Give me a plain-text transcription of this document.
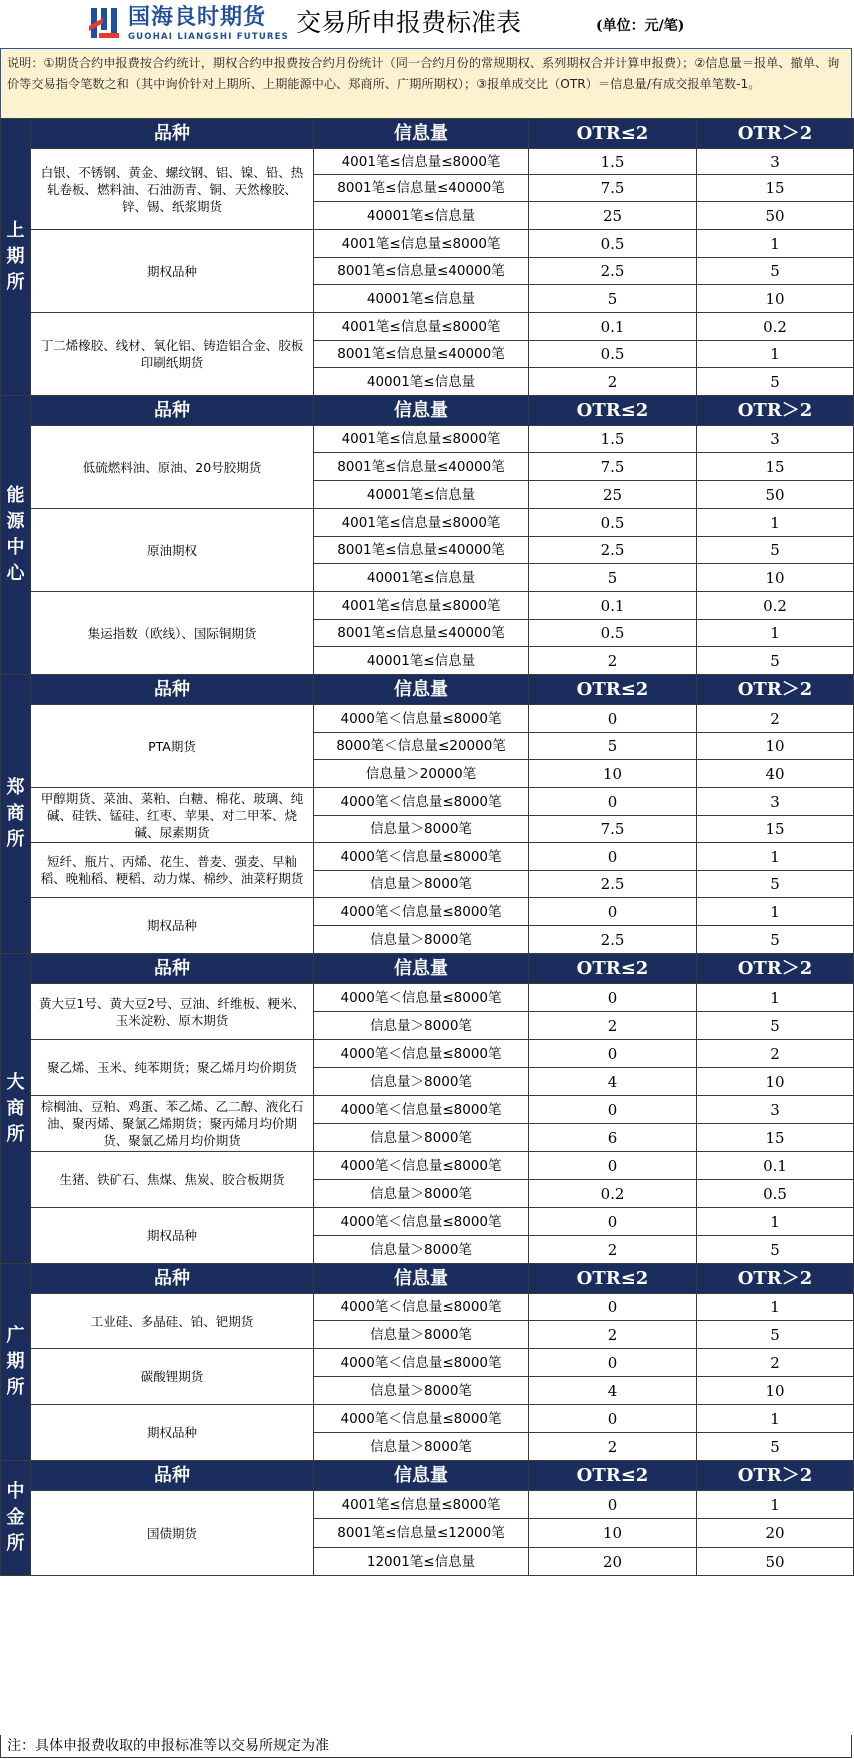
国海良时期货
GUOHAI LIANGSHI FUTURES 交易所申报费标准表	(单位：元/笔)
说明：①期货合约申报费按合约统计，期权合约申报费按合约月份统计（同一合约月份的常规期权、系列期权合并计算申报费）；②信息量＝报单、撤单、询价等交易指令笔数之和（其中询价针对上期所、上期能源中心、郑商所、广期所期权）；③报单成交比（OTR）＝信息量/有成交报单笔数-1。
上期所	品种	信息量	OTR≤2	OTR＞2
	白银、不锈钢、黄金、螺纹钢、铝、镍、铅、热轧卷板、燃料油、石油沥青、铜、天然橡胶、锌、锡、纸浆期货	4001笔≤信息量≤8000笔	1.5	3
		8001笔≤信息量≤40000笔	7.5	15
		40001笔≤信息量	25	50
	期权品种	4001笔≤信息量≤8000笔	0.5	1
		8001笔≤信息量≤40000笔	2.5	5
		40001笔≤信息量	5	10
	丁二烯橡胶、线材、氧化铝、铸造铝合金、胶板印刷纸期货	4001笔≤信息量≤8000笔	0.1	0.2
		8001笔≤信息量≤40000笔	0.5	1
		40001笔≤信息量	2	5

能源中心	品种	信息量	OTR≤2	OTR＞2
	低硫燃料油、原油、20号胶期货	4001笔≤信息量≤8000笔	1.5	3
		8001笔≤信息量≤40000笔	7.5	15
		40001笔≤信息量	25	50
	原油期权	4001笔≤信息量≤8000笔	0.5	1
		8001笔≤信息量≤40000笔	2.5	5
		40001笔≤信息量	5	10
	集运指数（欧线）、国际铜期货	4001笔≤信息量≤8000笔	0.1	0.2
		8001笔≤信息量≤40000笔	0.5	1
		40001笔≤信息量	2	5

郑商所	品种	信息量	OTR≤2	OTR＞2
	PTA期货	4000笔＜信息量≤8000笔	0	2
		8000笔＜信息量≤20000笔	5	10
		信息量＞20000笔	10	40
	甲醇期货、菜油、菜粕、白糖、棉花、玻璃、纯碱、硅铁、锰硅、红枣、苹果、对二甲苯、烧碱、尿素期货	4000笔＜信息量≤8000笔	0	3
		信息量＞8000笔	7.5	15
	短纤、瓶片、丙烯、花生、普麦、强麦、早籼稻、晚籼稻、粳稻、动力煤、棉纱、油菜籽期货	4000笔＜信息量≤8000笔	0	1
		信息量＞8000笔	2.5	5
	期权品种	4000笔＜信息量≤8000笔	0	1
		信息量＞8000笔	2.5	5

大商所	品种	信息量	OTR≤2	OTR＞2
	黄大豆1号、黄大豆2号、豆油、纤维板、粳米、玉米淀粉、原木期货	4000笔＜信息量≤8000笔	0	1
		信息量＞8000笔	2	5
	聚乙烯、玉米、纯苯期货；聚乙烯月均价期货	4000笔＜信息量≤8000笔	0	2
		信息量＞8000笔	4	10
	棕榈油、豆粕、鸡蛋、苯乙烯、乙二醇、液化石油、聚丙烯、聚氯乙烯期货；聚丙烯月均价期货、聚氯乙烯月均价期货	4000笔＜信息量≤8000笔	0	3
		信息量＞8000笔	6	15
	生猪、铁矿石、焦煤、焦炭、胶合板期货	4000笔＜信息量≤8000笔	0	0.1
		信息量＞8000笔	0.2	0.5
	期权品种	4000笔＜信息量≤8000笔	0	1
		信息量＞8000笔	2	5

广期所	品种	信息量	OTR≤2	OTR＞2
	工业硅、多晶硅、铂、钯期货	4000笔＜信息量≤8000笔	0	1
		信息量＞8000笔	2	5
	碳酸锂期货	4000笔＜信息量≤8000笔	0	2
		信息量＞8000笔	4	10
	期权品种	4000笔＜信息量≤8000笔	0	1
		信息量＞8000笔	2	5

中金所	品种	信息量	OTR≤2	OTR＞2
	国债期货	4001笔≤信息量≤8000笔	0	1
		8001笔≤信息量≤12000笔	10	20
		12001笔≤信息量	20	50
注：具体申报费收取的申报标准等以交易所规定为准
